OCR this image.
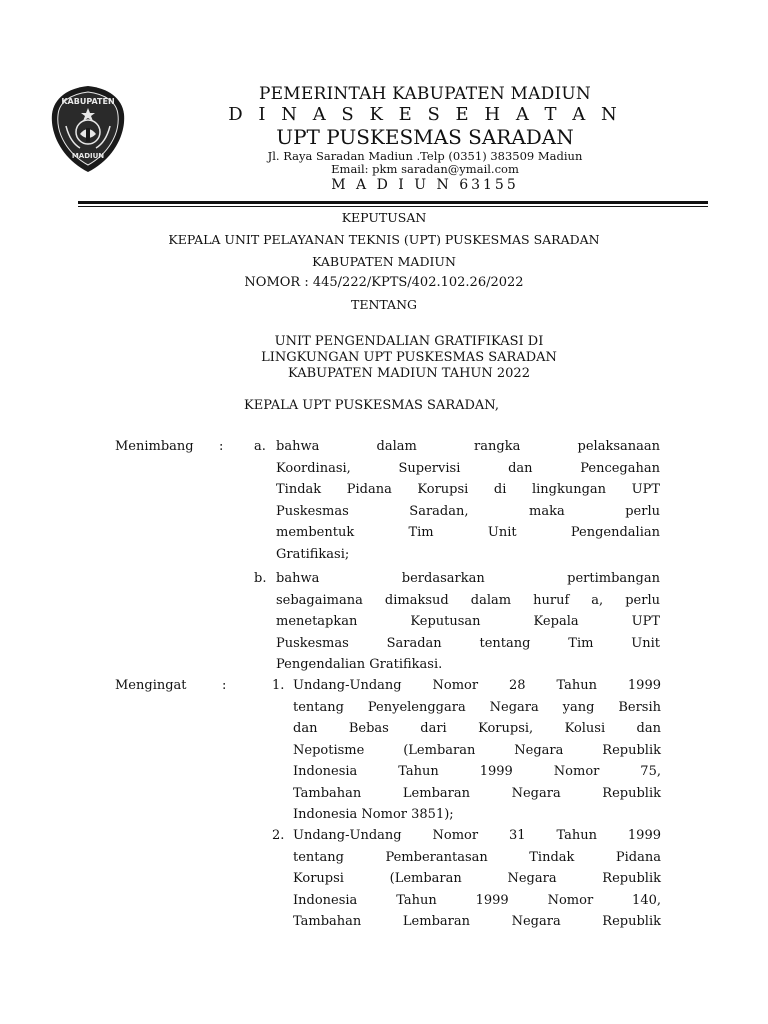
KABUPATEN
MADIUN
PEMERINTAH KABUPATEN MADIUN
D I N A S K E S E H A T A N
UPT PUSKESMAS SARADAN
Jl. Raya Saradan Madiun .Telp (0351) 383509 Madiun
Email: pkm saradan@ymail.com
M A D I U N 63155
KEPUTUSAN
KEPALA UNIT PELAYANAN TEKNIS (UPT) PUSKESMAS SARADAN
KABUPATEN MADIUN
NOMOR : 445/222/KPTS/402.102.26/2022
TENTANG
UNIT PENGENDALIAN GRATIFIKASI DI
LINGKUNGAN UPT PUSKESMAS SARADAN
KABUPATEN MADIUN TAHUN 2022
KEPALA UPT PUSKESMAS SARADAN,
Menimbang : a. bahwa dalam rangka pelaksanaan
Koordinasi, Supervisi dan Pencegahan
Tindak Pidana Korupsi di lingkungan UPT
Puskesmas Saradan, maka perlu
membentuk Tim Unit Pengendalian
Gratifikasi;
b. bahwa berdasarkan pertimbangan
sebagaimana dimaksud dalam huruf a, perlu
menetapkan Keputusan Kepala UPT
Puskesmas Saradan tentang Tim Unit
Pengendalian Gratifikasi.
Mengingat	:	1. Undang-Undang Nomor 28 Tahun 1999
tentang Penyelenggara Negara yang Bersih
dan Bebas dari Korupsi, Kolusi dan
Nepotisme (Lembaran Negara Republik
Indonesia Tahun 1999 Nomor 75,
Tambahan Lembaran Negara Republik
Indonesia Nomor 3851);
2. Undang-Undang Nomor 31 Tahun 1999
tentang Pemberantasan Tindak Pidana
Korupsi (Lembaran Negara Republik
Indonesia Tahun 1999 Nomor 140,
Tambahan Lembaran Negara Republik
